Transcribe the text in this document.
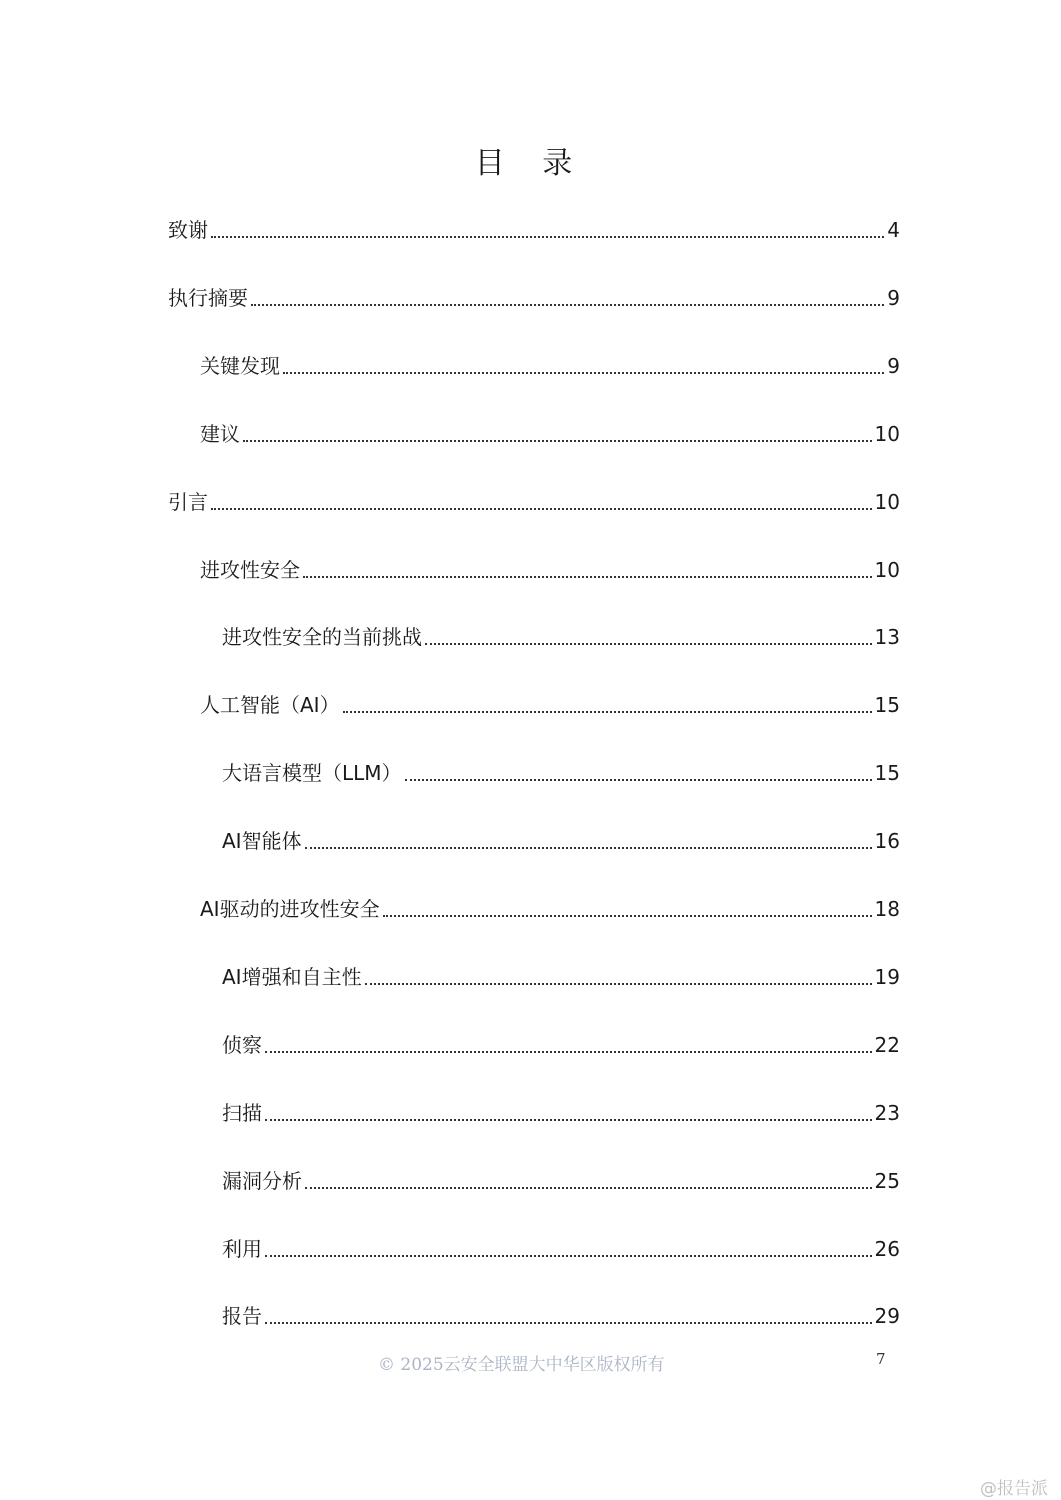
目 录
致谢	4
执行摘要	9
关键发现	9
建议	10
引言	10
进攻性安全	10
进攻性安全的当前挑战	13
人工智能（AI）	15
大语言模型（LLM）	15
AI智能体	16
AI驱动的进攻性安全	18
AI增强和自主性	19
侦察	22
扫描	23
漏洞分析	25
利用	26
报告	29
© 2025云安全联盟大中华区版权所有	7
@报告派
